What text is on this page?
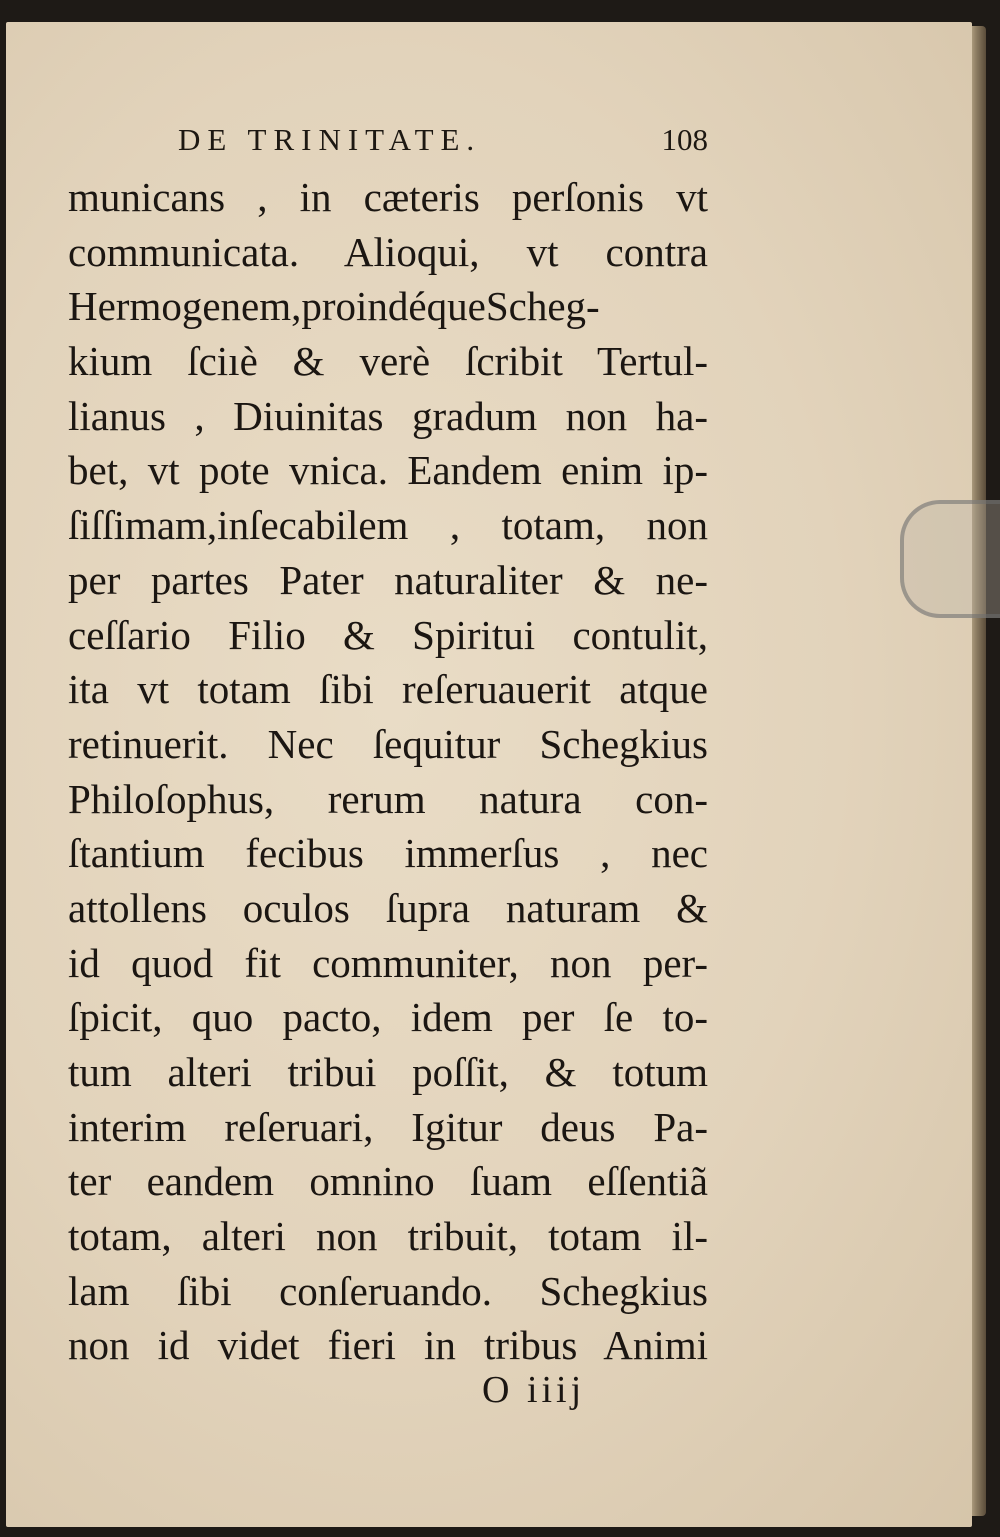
DE TRINITATE.	108
municans , in cæteris perſonis vt
communicata. Alioqui, vt contra
Hermogenem,proindéqueScheg-
kium ſciıè & verè ſcribit Tertul-
lianus , Diuinitas gradum non ha-
bet, vt pote vnica. Eandem enim ip-
ſiſſimam,inſecabilem , totam, non
per partes Pater naturaliter & ne-
ceſſario Filio & Spiritui contulit,
ita vt totam ſibi reſeruauerit atque
retinuerit. Nec ſequitur Schegkius
Philoſophus, rerum natura con-
ſtantium fecibus immerſus , nec
attollens oculos ſupra naturam &
id quod fit communiter, non per-
ſpicit, quo pacto, idem per ſe to-
tum alteri tribui poſſit, & totum
interim reſeruari, Igitur deus Pa-
ter eandem omnino ſuam eſſentiã
totam, alteri non tribuit, totam il-
lam ſibi conſeruando. Schegkius
non id videt fieri in tribus Animi
O iiij
